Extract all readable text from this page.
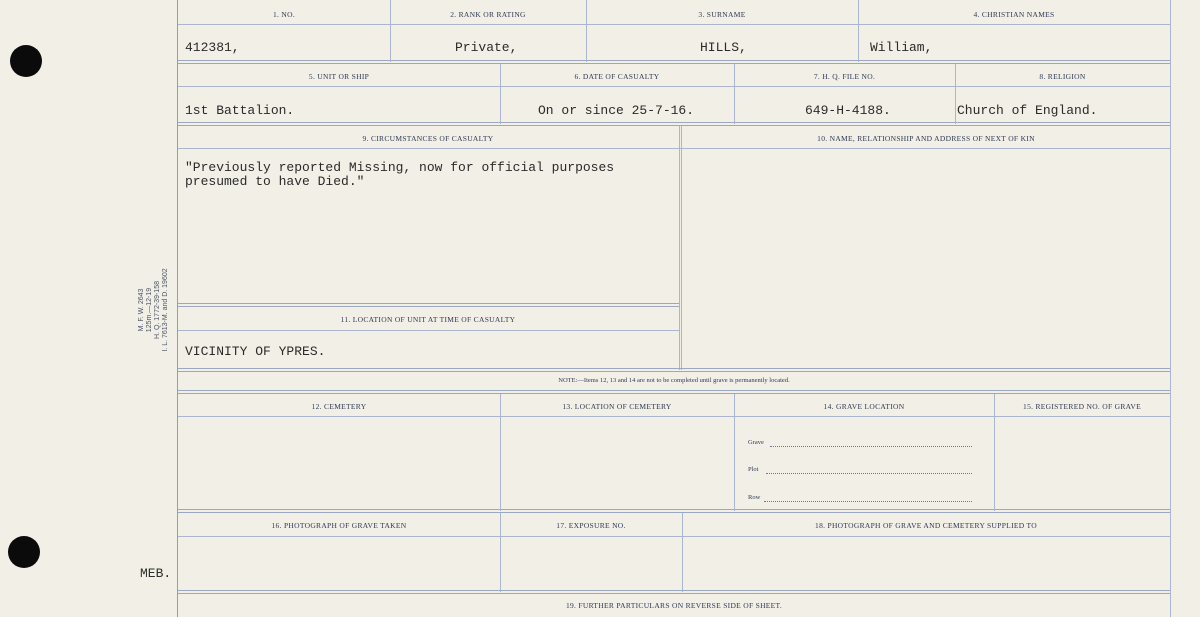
M. F. W. 2643 125m.—12-19 H. Q. 1772-39-158 I. L. 7613-M. and D. 19602
MEB.
1. NO.	2. RANK OR RATING	3. SURNAME	4. CHRISTIAN NAMES
412381,	Private,	HILLS,	William,
5. UNIT OR SHIP	6. DATE OF CASUALTY	7. H. Q. FILE NO.	8. RELIGION
1st Battalion.	On or since 25-7-16.	649-H-4188.	Church of England.
9. CIRCUMSTANCES OF CASUALTY	10. NAME, RELATIONSHIP AND ADDRESS OF NEXT OF KIN
"Previously reported Missing, now for official purposes
presumed to have Died."
11. LOCATION OF UNIT AT TIME OF CASUALTY
VICINITY OF YPRES.
NOTE:—Items 12, 13 and 14 are not to be completed until grave is permanently located.
12. CEMETERY	13. LOCATION OF CEMETERY	14. GRAVE LOCATION	15. REGISTERED NO. OF GRAVE
Grave
Plot
Row
16. PHOTOGRAPH OF GRAVE TAKEN	17. EXPOSURE NO.	18. PHOTOGRAPH OF GRAVE AND CEMETERY SUPPLIED TO
19. FURTHER PARTICULARS ON REVERSE SIDE OF SHEET.
